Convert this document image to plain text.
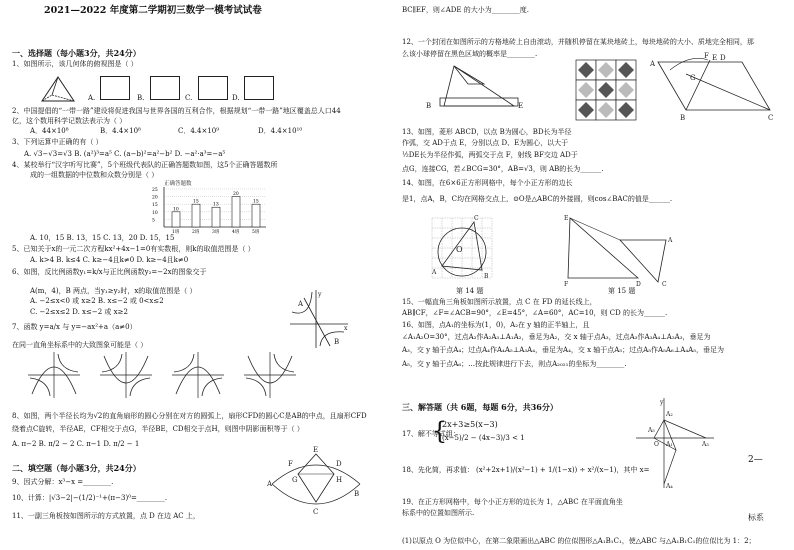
2021—2022 年度第二学期初三数学一模考试试卷
一、选择题（每小题3分，共24分）
1、如图所示，该几何体的俯视图是（ ）
A.	B.	C.	D.
2、中国提倡的“一带一路”建设将促进我国与世界各国的互利合作，根据规划“一带一路”地区覆盖总人口44
亿，这个数用科学记数法表示为（ ）
A．44×10⁸	B．4.4×10⁸	C．4.4×10⁹	D．4.4×10¹⁰
3、下列运算中正确的有（ ）
A. √3−√3=√3 B. (a²)³=a⁵ C. (a−b)²=a²−b² D. −a²·a³=−a⁵
4、某校举行“汉字听写比赛”，5个班级代表队的正确答题数如图，这5个正确答题数所
成的一组数据的中位数和众数分别是（ ）
正确答题数
5
10
15
20
25
10
1班
15
2班
13
3班
20
4班
15
5班
A. 10，15 B. 13，15 C. 13，20 D. 15，15
5、已知关于x的一元二次方程kx²+4x−1=0有实数根，则k的取值范围是（ ）
A. k>4 B. k≤4 C. k≥−4且k≠0 D. k≥−4且k≠0
6、如图，反比例函数y₁=k/x与正比例函数y₂=−2x的图象交于
A(m，4)，B 两点，当y₁≥y₂时，x的取值范围是（ ）
A. −2≤x<0 或 x≥2 B. x≤−2 或 0<x≤2
C. −2≤x≤2 D. x≤−2 或 x≥2
A
B
x
y
7、函数 y=a/x 与 y=−ax²+a（a≠0）
在同一直角坐标系中的大致图象可能是（ ）
8、如图，两个半径长均为√2的直角扇形的圆心分别在对方的圆弧上，扇形CFD的圆心C是AB的中点，且扇形CFD
绕着点C旋转，半径AE，CF相交于点G，半径BE，CD相交于点H，则图中阴影面积等于（ ）
A. π−2 B. π/2 − 2 C. π−1 D. π/2 − 1
二、填空题（每小题3分，共24分）
9、因式分解：x³−x =________.
10、计算：|√3−2|−(1/2)⁻¹+(π−3)⁰=________.
11、一副三角板按如图所示的方式放置，点 D 在边 AC 上，
A
B
E
F	D
G	H
C
BC∥EF，则∠ADE 的大小为________度.
12、一个封闭在如图所示的方格地砖上自由滚动，并随机停留在某块地砖上，每块地砖的大小、质地完全相同，那
么该小球停留在黑色区域的概率是________.
B	E
A
B	C
F E D
G
13、如图，菱形 ABCD，以点 B为圆心，BD长为半径
作弧，交 AD于点 E，分别以点 D、E为圆心，以大于
½DE长为半径作弧，两弧交于点 F，射线 BF交边 AD于
点G，连接CG，若∠BCG=30°，AB=√3，则 AB的长为______.
14、如图，在6×6正方形网格中，每个小正方形的边长
是1，点A，B，C均在网格交点上，⊙O是△ABC的外接圆，则cos∠BAC的值是______.
O
A
C
B
第 14 题
F	D	C
E
A
第 15 题
15、一幅直角三角板如图所示放置，点 C 在 FD 的延长线上，
AB∥CF，∠F=∠ACB=90°，∠E=45°，∠A=60°，AC=10，则 CD 的长为______.
16、如图，点A₁的坐标为(1，0)，A₂在 y 轴的正半轴上，且
∠A₁A₂O=30°，过点A₂作A₂A₃⊥A₁A₂，垂足为A₂，交 x 轴于点A₃，过点A₃作A₃A₄⊥A₂A₃，垂足为
A₃，交 y 轴于点A₄；过点A₄作A₄A₅⊥A₃A₄，垂足为A₄，交 x 轴于点A₅；过点A₅作A₅A₆⊥A₄A₅，垂足为
A₅，交 y 轴于点A₆；…按此规律进行下去，则点A₂₀₂₁的坐标为________.
三、解答题（共 6题，每题 6分，共36分）
17、解不等式组：
{
2x+3≥5(x−3)
(x−5)/2 − (4x−3)/3 < 1
18、先化简，再求值： (x²+2x+1)/(x²−1) + 1/(1−x)) ÷ x²/(x−1)，其中 x=
19、在正方形网格中，每个小正方形的边长为 1，△ABC 在平面直角坐
标系中的位置如图所示.
(1)以原点 O 为位似中心，在第二象限画出△ABC 的位似图形△A₁B₁C₁，使△ABC 与△A₁B₁C₁的位似比为 1：2；
A₅
A₁
A₂
A₃
O
A₄
y
2—
标系
